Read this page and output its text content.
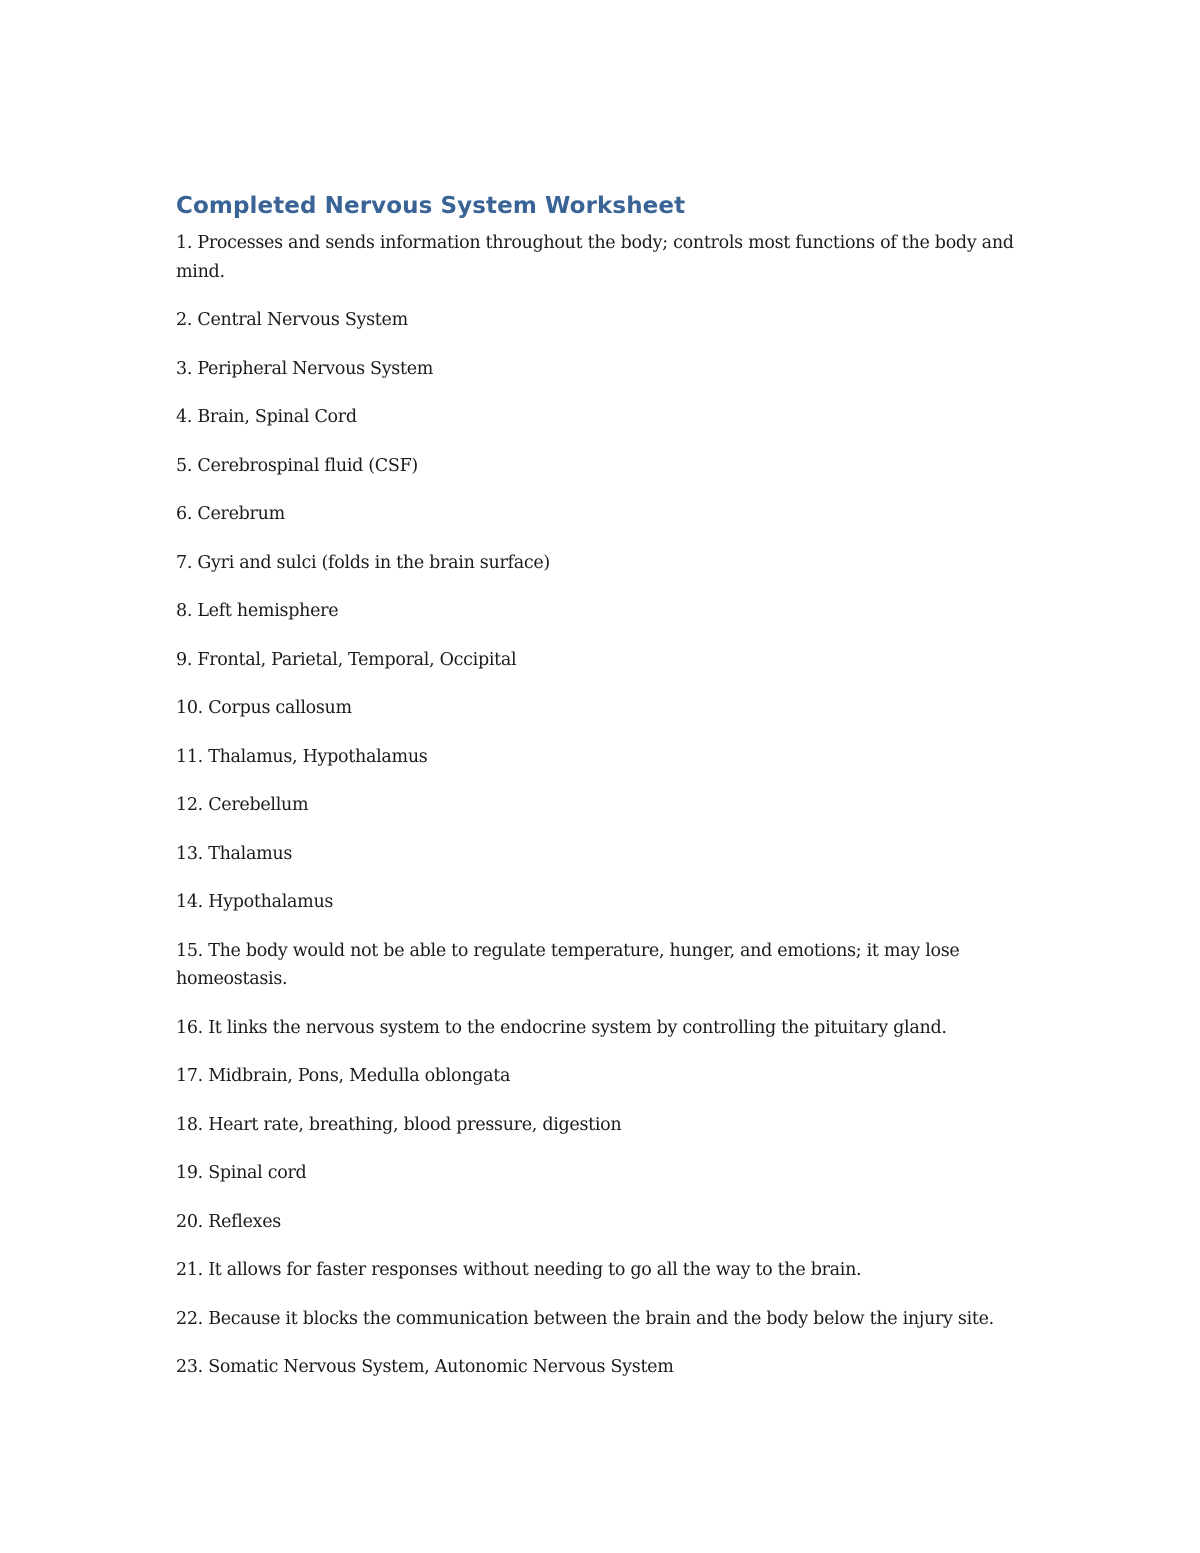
Completed Nervous System Worksheet
1. Processes and sends information throughout the body; controls most functions of the body and mind.
2. Central Nervous System
3. Peripheral Nervous System
4. Brain, Spinal Cord
5. Cerebrospinal fluid (CSF)
6. Cerebrum
7. Gyri and sulci (folds in the brain surface)
8. Left hemisphere
9. Frontal, Parietal, Temporal, Occipital
10. Corpus callosum
11. Thalamus, Hypothalamus
12. Cerebellum
13. Thalamus
14. Hypothalamus
15. The body would not be able to regulate temperature, hunger, and emotions; it may lose homeostasis.
16. It links the nervous system to the endocrine system by controlling the pituitary gland.
17. Midbrain, Pons, Medulla oblongata
18. Heart rate, breathing, blood pressure, digestion
19. Spinal cord
20. Reflexes
21. It allows for faster responses without needing to go all the way to the brain.
22. Because it blocks the communication between the brain and the body below the injury site.
23. Somatic Nervous System, Autonomic Nervous System
